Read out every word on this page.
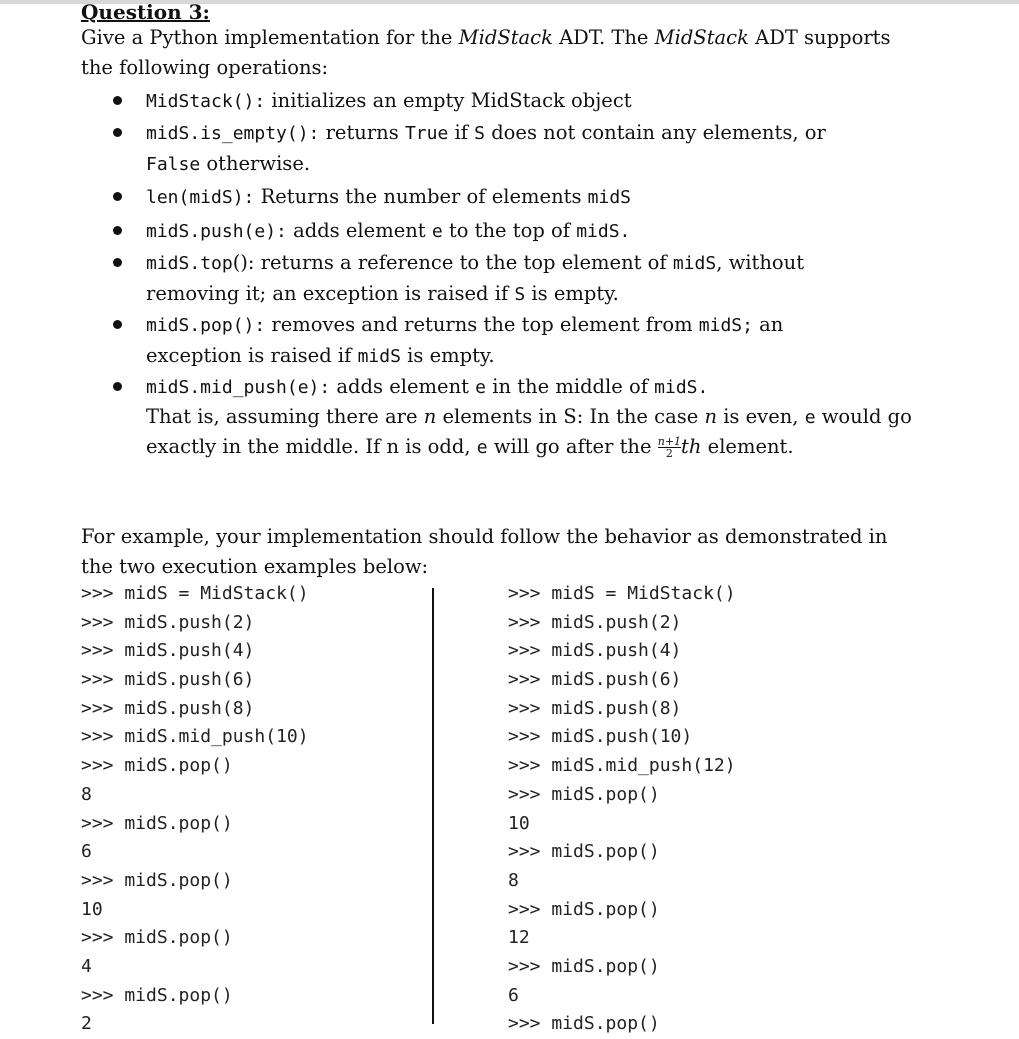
Question 3:
Give a Python implementation for the MidStack ADT. The MidStack ADT supports
the following operations:
MidStack(): initializes an empty MidStack object
midS.is_empty(): returns True if S does not contain any elements, or
False otherwise.
len(midS): Returns the number of elements midS
midS.push(e): adds element e to the top of midS.
midS.top(): returns a reference to the top element of midS, without
removing it; an exception is raised if S is empty.
midS.pop(): removes and returns the top element from midS; an
exception is raised if midS is empty.
midS.mid_push(e): adds element e in the middle of midS.
That is, assuming there are n elements in S: In the case n is even, e would go
exactly in the middle. If n is odd, e will go after the $\frac{n+1}{2}$ th element.
For example, your implementation should follow the behavior as demonstrated in
the two execution examples below:
>>> midS = MidStack()
>>> midS.push(2)
>>> midS.push(4)
>>> midS.push(6)
>>> midS.push(8)
>>> midS.mid_push(10)
>>> midS.pop()
8
>>> midS.pop()
6
>>> midS.pop()
10
>>> midS.pop()
4
>>> midS.pop()
2
>>> midS = MidStack()
>>> midS.push(2)
>>> midS.push(4)
>>> midS.push(6)
>>> midS.push(8)
>>> midS.push(10)
>>> midS.mid_push(12)
>>> midS.pop()
10
>>> midS.pop()
8
>>> midS.pop()
12
>>> midS.pop()
6
>>> midS.pop()
